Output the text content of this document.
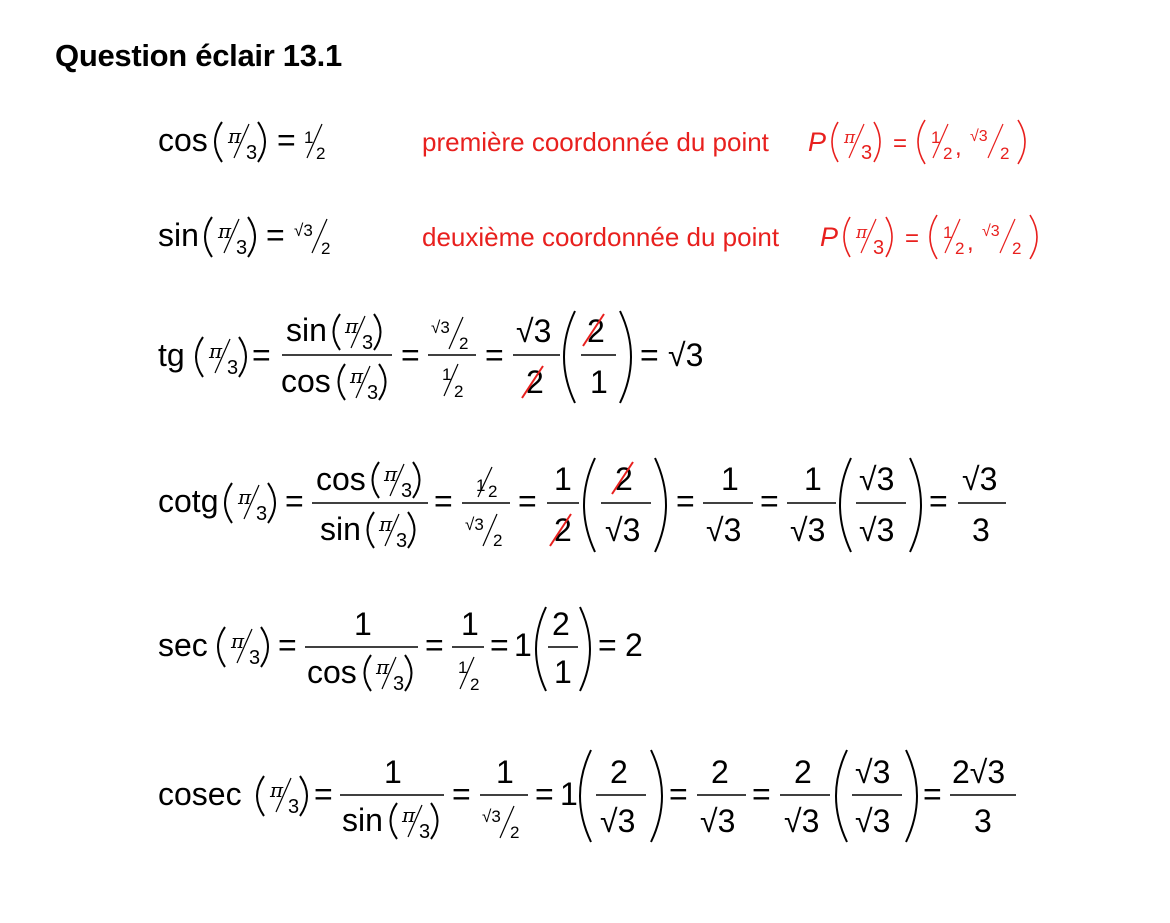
Question éclair 13.1
première coordonnée du point
deuxième coordonnée du point
cos π
3 = 1
2	P π
3 = 1
2 , √3
2
sin π
3 = √3
2	P π
3 = 1
2 , √3
2
tg π
3 =
sin π
3
cos π
3
=
√3
2
1
2
=
√3
2
2
1
= √3
cotg π
3 =
cos π
3
sin π
3
= 1 2
√3
2
=
1
2
2
√3
=
1
√3
=
1
√3
√3
√3
=
√3
3
sec π
3 =
1
cos π
3
=
1
1
2
= 1
2
1
= 2
cosec π
3 =
1
sin π
3
=
1
√3
2
= 1
2
√3
=
2
√3
=
2
√3
√3
√3
=
2√3
3
